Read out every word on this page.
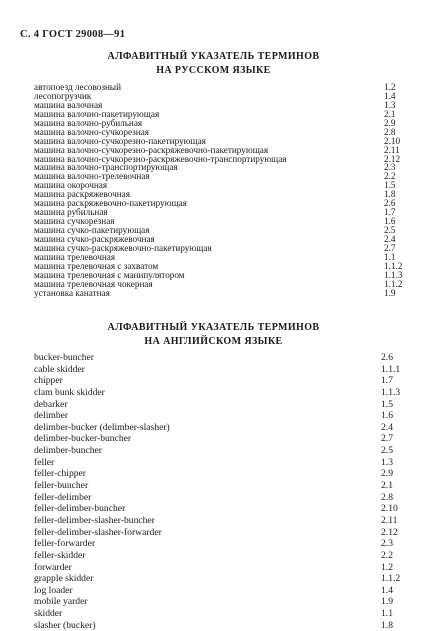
С. 4 ГОСТ 29008—91
АЛФАВИТНЫЙ УКАЗАТЕЛЬ ТЕРМИНОВ
НА РУССКОМ ЯЗЫКЕ
автопоезд лесовозный	1.2
лесопогрузчик	1.4
машина валочная	1.3
машина валочно-пакетирующая	2.1
машина валочно-рубильная	2.9
машина валочно-сучкорезная	2.8
машина валочно-сучкорезно-пакетирующая	2.10
машина валочно-сучкорезно-раскряжевочно-пакетирующая	2.11
машина валочно-сучкорезно-раскряжевочно-транспортирующая	2.12
машина валочно-транспортирующая	2.3
машина валочно-трелевочная	2.2
машина окорочная	1.5
машина раскряжевочная	1.8
машина раскряжевочно-пакетирующая	2.6
машина рубильная	1.7
машина сучкорезная	1.6
машина сучко-пакетирующая	2.5
машина сучко-раскряжевочная	2.4
машина сучко-раскряжевочно-пакетирующая	2.7
машина трелевочная	1.1
машина трелевочная с захватом	1.1.2
машина трелевочная с манипулятором	1.1.3
машина трелевочная чокерная	1.1.2
установка канатная	1.9
АЛФАВИТНЫЙ УКАЗАТЕЛЬ ТЕРМИНОВ
НА АНГЛИЙСКОМ ЯЗЫКЕ
bucker-buncher	2.6
cable skidder	1.1.1
chipper	1.7
clam bunk skidder	1.1.3
debarker	1.5
delimber	1.6
delimber-bucker (delimber-slasher)	2.4
delimber-bucker-buncher	2.7
delimber-buncher	2.5
feller	1.3
feller-chipper	2.9
feller-buncher	2.1
feller-delimber	2.8
feller-delimber-buncher	2.10
feller-delimber-slasher-buncher	2.11
feller-delimber-slasher-forwarder	2.12
feller-forwarder	2.3
feller-skidder	2.2
forwarder	1.2
grapple skidder	1.1.2
log loader	1.4
mobile yarder	1.9
skidder	1.1
slasher (bucker)	1.8
